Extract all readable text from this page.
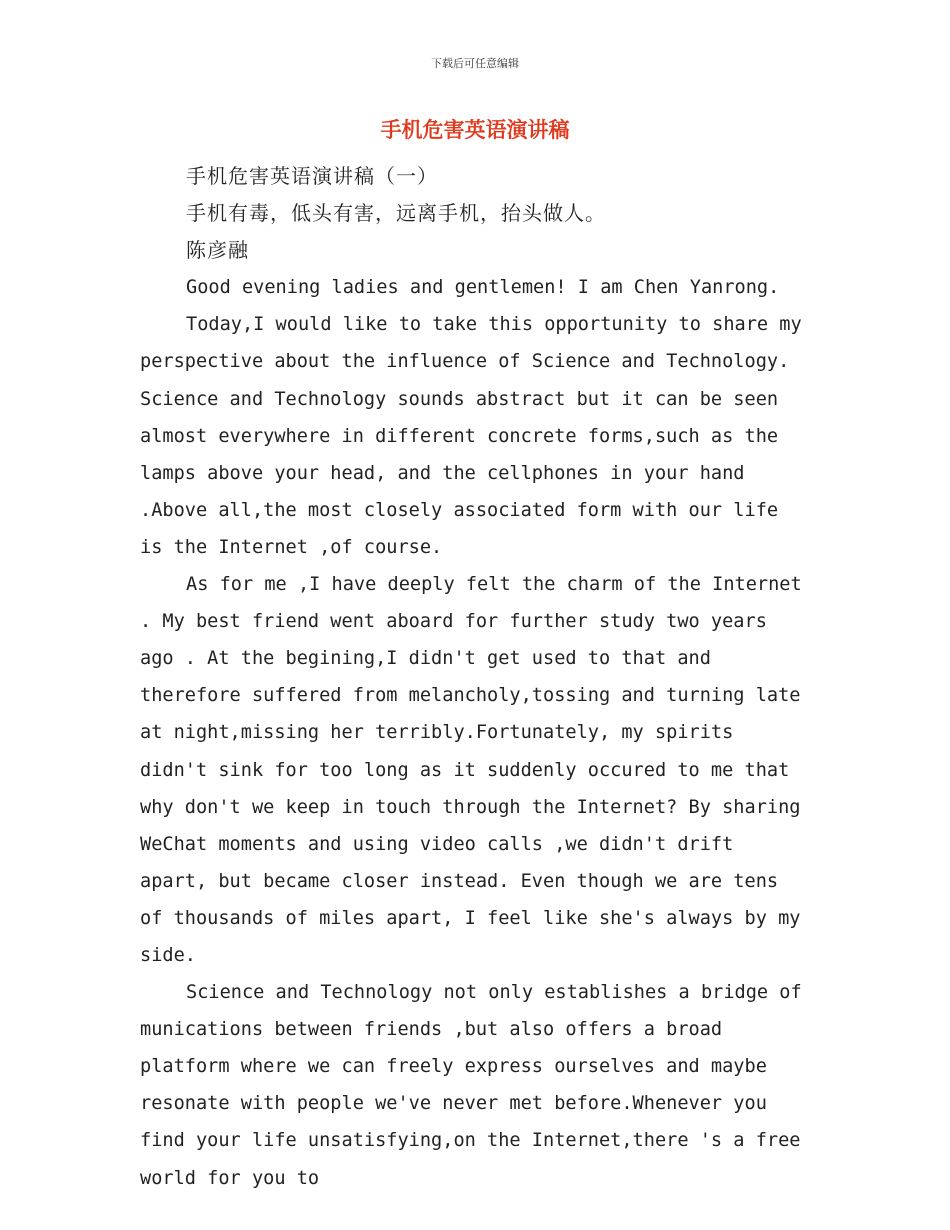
下载后可任意编辑
手机危害英语演讲稿

手机危害英语演讲稿（一）

手机有毒，低头有害，远离手机，抬头做人。

陈彦融

Good evening ladies and gentlemen! I am Chen Yanrong.

Today,I would like to take this opportunity to share my perspective about the influence of Science and Technology. Science and Technology sounds abstract but it can be seen almost everywhere in different concrete forms,such as the lamps above your head, and the cellphones in your hand .Above all,the most closely associated form with our life is the Internet ,of course.

As for me ,I have deeply felt the charm of the Internet . My best friend went aboard for further study two years ago . At the begining,I didn't get used to that and therefore suffered from melancholy,tossing and turning late at night,missing her terribly.Fortunately, my spirits didn't sink for too long as it suddenly occured to me that why don't we keep in touch through the Internet? By sharing WeChat moments and using video calls ,we didn't drift apart, but became closer instead. Even though we are tens of thousands of miles apart, I feel like she's always by my side.

Science and Technology not only establishes a bridge of munications between friends ,but also offers a broad platform where we can freely express ourselves and maybe resonate with people we've never met before.Whenever you find your life unsatisfying,on the Internet,there 's a free world for you to
